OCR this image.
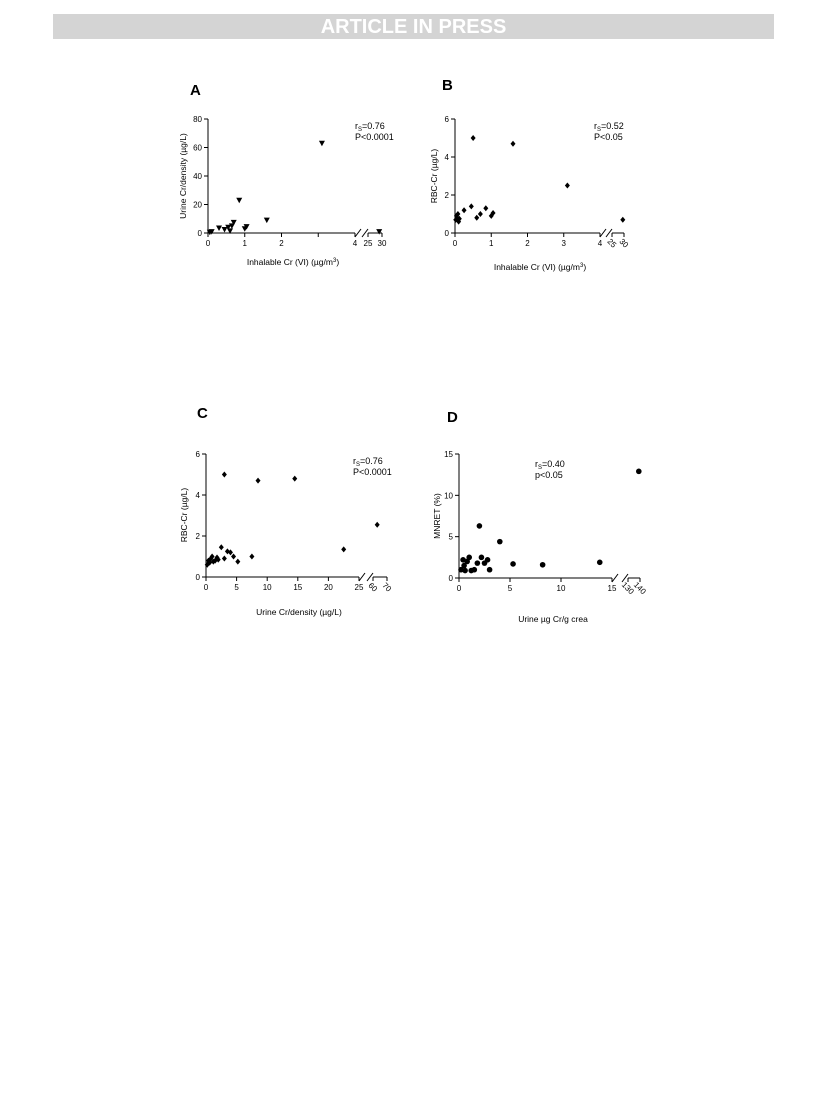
ARTICLE IN PRESS
A
0
20
40
60
80
0	1	2	4 25 30
Inhalable Cr (VI) $(\mu g/m^3)$
Urine Cr/density (µg/L)
$r_S=0.76$
P<0.0001
B
0
2
4
6
0	1	2	3	4 25 30
Inhalable Cr (VI) $(\mu g/m^3)$
RBC-Cr (µg/L)
$r_S=0.52$
P<0.05
C
0
2
4
6
0	5	10	15	20	25 60 70
Urine Cr/density (µg/L)
RBC-Cr (µg/L)
$r_S=0.76$
P<0.0001
D
0
5
10
15
0	5	10	15 130
140
Urine µg Cr/g crea
MNRET (%)
$r_S=0.40$
p<0.05
